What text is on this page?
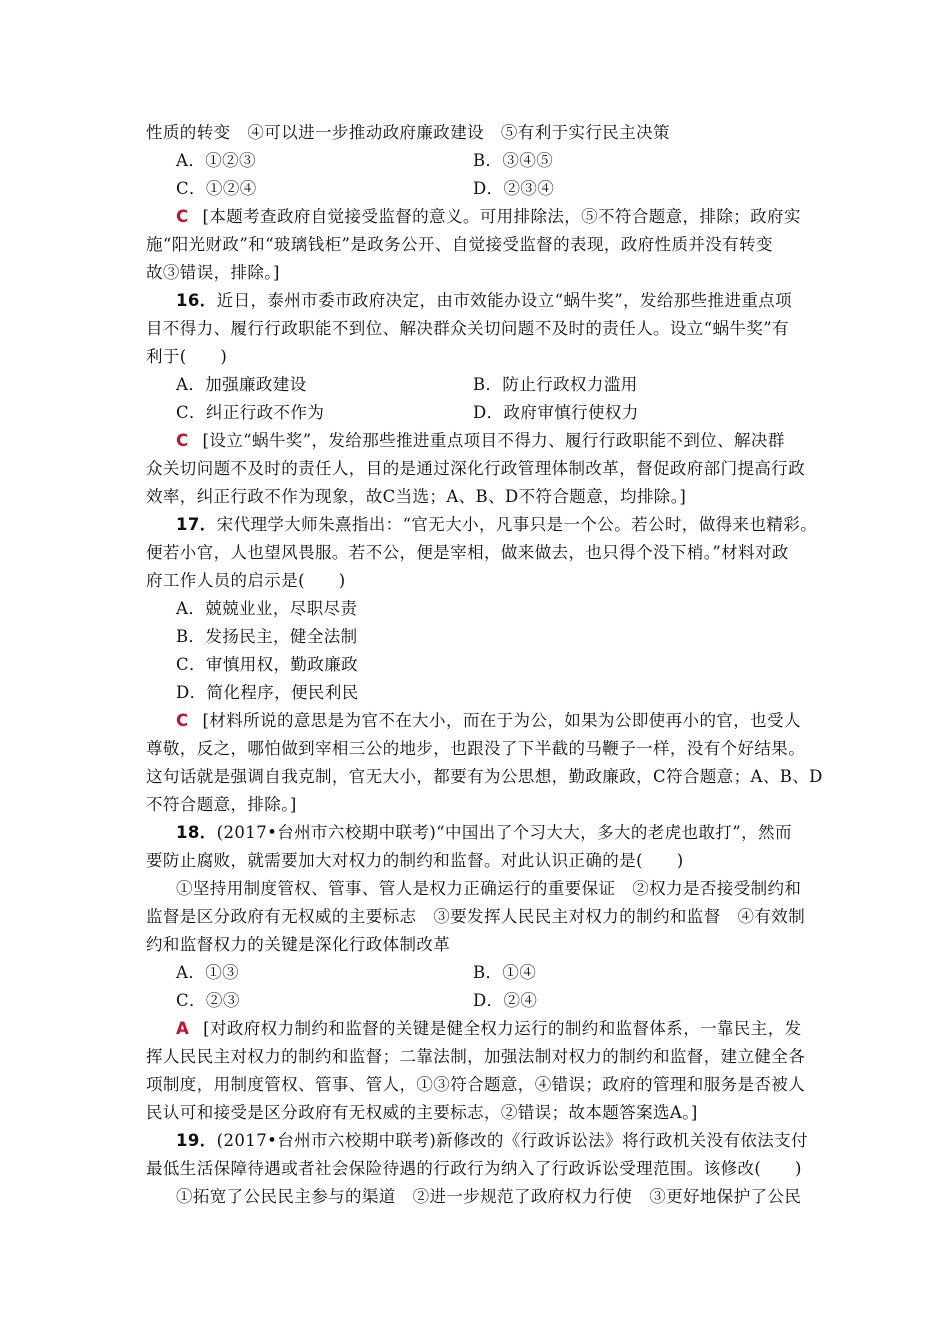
性质的转变　④可以进一步推动政府廉政建设　⑤有利于实行民主决策
A．①②③	B．③④⑤
C．①②④	D．②③④
C [本题考查政府自觉接受监督的意义。可用排除法，⑤不符合题意，排除；政府实
施“阳光财政”和“玻璃钱柜”是政务公开、自觉接受监督的表现，政府性质并没有转变
故③错误，排除。]
16．近日，泰州市委市政府决定，由市效能办设立“蜗牛奖”，发给那些推进重点项
目不得力、履行行政职能不到位、解决群众关切问题不及时的责任人。设立“蜗牛奖”有
利于(　　)
A．加强廉政建设	B．防止行政权力滥用
C．纠正行政不作为	D．政府审慎行使权力
C [设立“蜗牛奖”，发给那些推进重点项目不得力、履行行政职能不到位、解决群
众关切问题不及时的责任人，目的是通过深化行政管理体制改革，督促政府部门提高行政
效率，纠正行政不作为现象，故C当选；A、B、D不符合题意，均排除。]
17．宋代理学大师朱熹指出：“官无大小，凡事只是一个公。若公时，做得来也精彩。
便若小官，人也望风畏服。若不公，便是宰相，做来做去，也只得个没下梢。”材料对政
府工作人员的启示是(　　)
A．兢兢业业，尽职尽责
B．发扬民主，健全法制
C．审慎用权，勤政廉政
D．简化程序，便民利民
C [材料所说的意思是为官不在大小，而在于为公，如果为公即使再小的官，也受人
尊敬，反之，哪怕做到宰相三公的地步，也跟没了下半截的马鞭子一样，没有个好结果。
这句话就是强调自我克制，官无大小，都要有为公思想，勤政廉政，C符合题意；A、B、D
不符合题意，排除。]
18．(2017•台州市六校期中联考)“中国出了个习大大，多大的老虎也敢打”，然而
要防止腐败，就需要加大对权力的制约和监督。对此认识正确的是(　　)
①坚持用制度管权、管事、管人是权力正确运行的重要保证　②权力是否接受制约和
监督是区分政府有无权威的主要标志　③要发挥人民民主对权力的制约和监督　④有效制
约和监督权力的关键是深化行政体制改革
A．①③	B．①④
C．②③	D．②④
A [对政府权力制约和监督的关键是健全权力运行的制约和监督体系，一靠民主，发
挥人民民主对权力的制约和监督；二靠法制，加强法制对权力的制约和监督，建立健全各
项制度，用制度管权、管事、管人，①③符合题意，④错误；政府的管理和服务是否被人
民认可和接受是区分政府有无权威的主要标志，②错误；故本题答案选A。]
19．(2017•台州市六校期中联考)新修改的《行政诉讼法》将行政机关没有依法支付
最低生活保障待遇或者社会保险待遇的行政行为纳入了行政诉讼受理范围。该修改(　　)
①拓宽了公民民主参与的渠道　②进一步规范了政府权力行使　③更好地保护了公民
